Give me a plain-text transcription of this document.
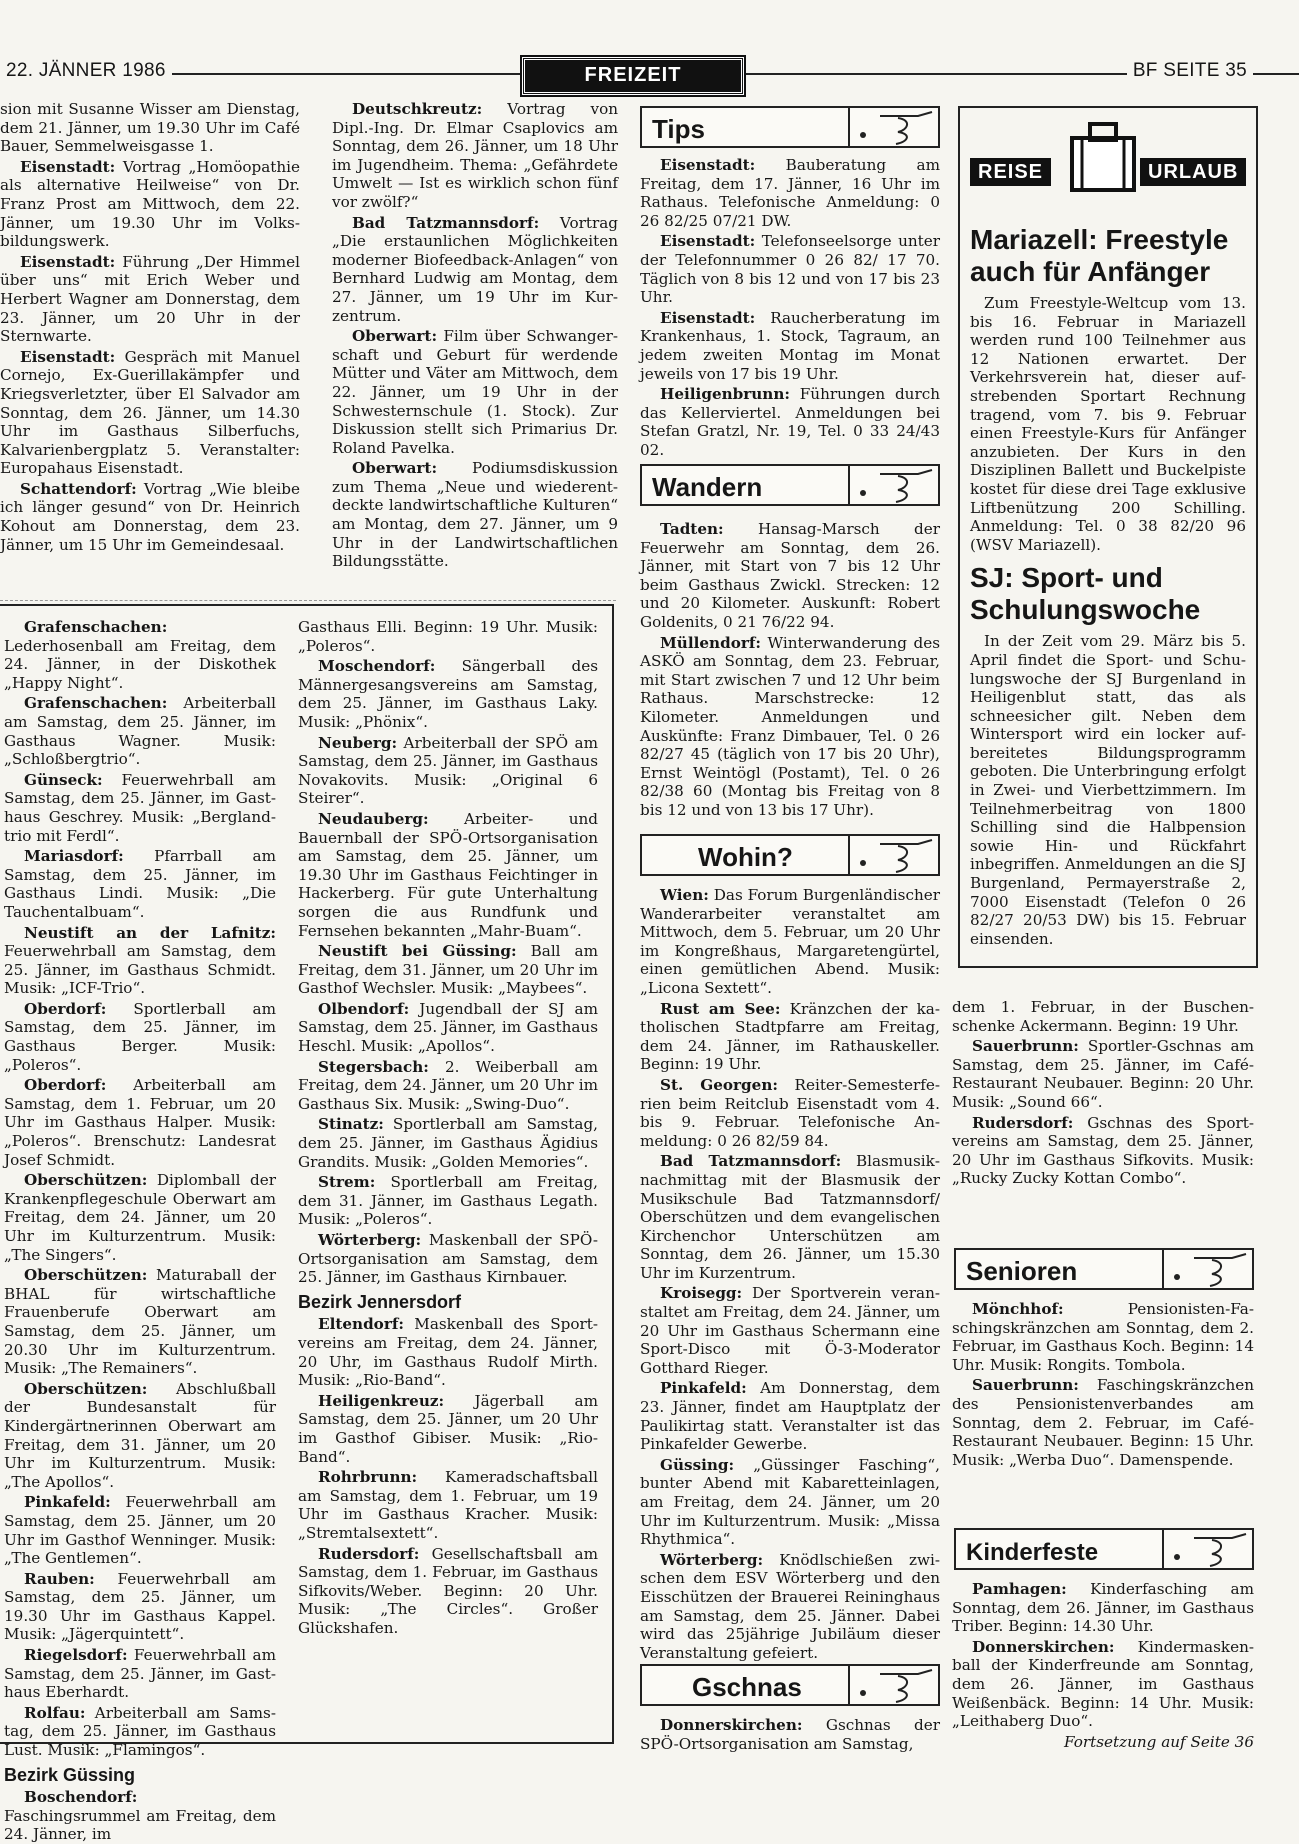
22. JÄNNER 1986	FREIZEIT	BF SEITE 35

sion mit Susanne Wisser am Dienstag, dem 21. Jänner, um 19.30 Uhr im Café Bauer, Semmelweisgasse 1.

Eisenstadt: Vortrag „Homöopathie als alternative Heilweise“ von Dr. Franz Prost am Mittwoch, dem 22. Jänner, um 19.30 Uhr im Volksbildungswerk.

Eisenstadt: Führung „Der Himmel über uns“ mit Erich Weber und Herbert Wagner am Donnerstag, dem 23. Jänner, um 20 Uhr in der Sternwarte.

Eisenstadt: Gespräch mit Manuel Cornejo, Ex-Guerillakämpfer und Kriegsverletzter, über El Salvador am Sonntag, dem 26. Jänner, um 14.30 Uhr im Gasthaus Silberfuchs, Kalvarienbergplatz 5. Veranstalter: Europahaus Eisenstadt.

Schattendorf: Vortrag „Wie bleibe ich länger gesund“ von Dr. Heinrich Kohout am Donnerstag, dem 23. Jänner, um 15 Uhr im Gemeindesaal.

Deutschkreutz: Vortrag von Dipl.-Ing. Dr. Elmar Csaplovics am Sonntag, dem 26. Jänner, um 18 Uhr im Jugendheim. Thema: „Gefährdete Umwelt — Ist es wirklich schon fünf vor zwölf?“

Bad Tatzmannsdorf: Vortrag „Die erstaunlichen Möglichkeiten moderner Biofeedback-Anlagen“ von Bernhard Ludwig am Montag, dem 27. Jänner, um 19 Uhr im Kurzentrum.

Oberwart: Film über Schwangerschaft und Geburt für werdende Mütter und Väter am Mittwoch, dem 22. Jänner, um 19 Uhr in der Schwesternschule (1. Stock). Zur Diskussion stellt sich Primarius Dr. Roland Pavelka.

Oberwart: Podiumsdiskussion zum Thema „Neue und wiederentdeckte landwirtschaftliche Kulturen“ am Montag, dem 27. Jänner, um 9 Uhr in der Landwirtschaftlichen Bildungsstätte.

Grafenschachen: Lederhosenball am Freitag, dem 24. Jänner, in der Diskothek „Happy Night“.

Grafenschachen: Arbeiterball am Samstag, dem 25. Jänner, im Gasthaus Wagner. Musik: „Schloßbergtrio“.

Günseck: Feuerwehrball am Samstag, dem 25. Jänner, im Gasthaus Geschrey. Musik: „Berglandtrio mit Ferdl“.

Mariasdorf: Pfarrball am Samstag, dem 25. Jänner, im Gasthaus Lindi. Musik: „Die Tauchentalbuam“.

Neustift an der Lafnitz: Feuerwehrball am Samstag, dem 25. Jänner, im Gasthaus Schmidt. Musik: „ICF-Trio“.

Oberdorf: Sportlerball am Samstag, dem 25. Jänner, im Gasthaus Berger. Musik: „Poleros“.

Oberdorf: Arbeiterball am Samstag, dem 1. Februar, um 20 Uhr im Gasthaus Halper. Musik: „Poleros“. Brenschutz: Landesrat Josef Schmidt.

Oberschützen: Diplomball der Krankenpflegeschule Oberwart am Freitag, dem 24. Jänner, um 20 Uhr im Kulturzentrum. Musik: „The Singers“.

Oberschützen: Maturaball der BHAL für wirtschaftliche Frauenberufe Oberwart am Samstag, dem 25. Jänner, um 20.30 Uhr im Kulturzentrum. Musik: „The Remainers“.

Oberschützen: Abschlußball der Bundesanstalt für Kindergärtnerinnen Oberwart am Freitag, dem 31. Jänner, um 20 Uhr im Kulturzentrum. Musik: „The Apollos“.

Pinkafeld: Feuerwehrball am Samstag, dem 25. Jänner, um 20 Uhr im Gasthof Wenninger. Musik: „The Gentlemen“.

Rauben: Feuerwehrball am Samstag, dem 25. Jänner, um 19.30 Uhr im Gasthaus Kappel. Musik: „Jägerquintett“.

Riegelsdorf: Feuerwehrball am Samstag, dem 25. Jänner, im Gasthaus Eberhardt.

Rolfau: Arbeiterball am Samstag, dem 25. Jänner, im Gasthaus Lust. Musik: „Flamingos“.

Bezirk Güssing

Boschendorf: Faschingsrummel am Freitag, dem 24. Jänner, im

Gasthaus Elli. Beginn: 19 Uhr. Musik: „Poleros“.

Moschendorf: Sängerball des Männergesangsvereins am Samstag, dem 25. Jänner, im Gasthaus Laky. Musik: „Phönix“.

Neuberg: Arbeiterball der SPÖ am Samstag, dem 25. Jänner, im Gasthaus Novakovits. Musik: „Original 6 Steirer“.

Neudauberg: Arbeiter- und Bauernball der SPÖ-Ortsorganisation am Samstag, dem 25. Jänner, um 19.30 Uhr im Gasthaus Feichtinger in Hackerberg. Für gute Unterhaltung sorgen die aus Rundfunk und Fernsehen bekannten „Mahr-Buam“.

Neustift bei Güssing: Ball am Freitag, dem 31. Jänner, um 20 Uhr im Gasthof Wechsler. Musik: „Maybees“.

Olbendorf: Jugendball der SJ am Samstag, dem 25. Jänner, im Gasthaus Heschl. Musik: „Apollos“.

Stegersbach: 2. Weiberball am Freitag, dem 24. Jänner, um 20 Uhr im Gasthaus Six. Musik: „Swing-Duo“.

Stinatz: Sportlerball am Samstag, dem 25. Jänner, im Gasthaus Ägidius Grandits. Musik: „Golden Memories“.

Strem: Sportlerball am Freitag, dem 31. Jänner, im Gasthaus Legath. Musik: „Poleros“.

Wörterberg: Maskenball der SPÖ-Ortsorganisation am Samstag, dem 25. Jänner, im Gasthaus Kirnbauer.

Bezirk Jennersdorf

Eltendorf: Maskenball des Sportvereins am Freitag, dem 24. Jänner, 20 Uhr, im Gasthaus Rudolf Mirth. Musik: „Rio-Band“.

Heiligenkreuz: Jägerball am Samstag, dem 25. Jänner, um 20 Uhr im Gasthof Gibiser. Musik: „Rio-Band“.

Rohrbrunn: Kameradschaftsball am Samstag, dem 1. Februar, um 19 Uhr im Gasthaus Kracher. Musik: „Stremtalsextett“.

Rudersdorf: Gesellschaftsball am Samstag, dem 1. Februar, im Gasthaus Sifkovits/Weber. Beginn: 20 Uhr. Musik: „The Circles“. Großer Glückshafen.

Tips

Eisenstadt: Bauberatung am Freitag, dem 17. Jänner, 16 Uhr im Rathaus. Telefonische Anmeldung: 0 26 82/25 07/21 DW.

Eisenstadt: Telefonseelsorge unter der Telefonnummer 0 26 82/ 17 70. Täglich von 8 bis 12 und von 17 bis 23 Uhr.

Eisenstadt: Raucherberatung im Krankenhaus, 1. Stock, Tagraum, an jedem zweiten Montag im Monat jeweils von 17 bis 19 Uhr.

Heiligenbrunn: Führungen durch das Kellerviertel. Anmeldungen bei Stefan Gratzl, Nr. 19, Tel. 0 33 24/43 02.

Wandern

Tadten: Hansag-Marsch der Feuerwehr am Sonntag, dem 26. Jänner, mit Start von 7 bis 12 Uhr beim Gasthaus Zwickl. Strecken: 12 und 20 Kilometer. Auskunft: Robert Goldenits, 0 21 76/22 94.

Müllendorf: Winterwanderung des ASKÖ am Sonntag, dem 23. Februar, mit Start zwischen 7 und 12 Uhr beim Rathaus. Marschstrecke: 12 Kilometer. Anmeldungen und Auskünfte: Franz Dimbauer, Tel. 0 26 82/27 45 (täglich von 17 bis 20 Uhr), Ernst Weintögl (Postamt), Tel. 0 26 82/38 60 (Montag bis Freitag von 8 bis 12 und von 13 bis 17 Uhr).

Wohin?

Wien: Das Forum Burgenländischer Wanderarbeiter veranstaltet am Mittwoch, dem 5. Februar, um 20 Uhr im Kongreßhaus, Margaretengürtel, einen gemütlichen Abend. Musik: „Licona Sextett“.

Rust am See: Kränzchen der katholischen Stadtpfarre am Freitag, dem 24. Jänner, im Rathauskeller. Beginn: 19 Uhr.

St. Georgen: Reiter-Semesterferien beim Reitclub Eisenstadt vom 4. bis 9. Februar. Telefonische Anmeldung: 0 26 82/59 84.

Bad Tatzmannsdorf: Blasmusiknachmittag mit der Blasmusik der Musikschule Bad Tatzmannsdorf/ Oberschützen und dem evangelischen Kirchenchor Unterschützen am Sonntag, dem 26. Jänner, um 15.30 Uhr im Kurzentrum.

Kroisegg: Der Sportverein veranstaltet am Freitag, dem 24. Jänner, um 20 Uhr im Gasthaus Schermann eine Sport-Disco mit Ö-3-Moderator Gotthard Rieger.

Pinkafeld: Am Donnerstag, dem 23. Jänner, findet am Hauptplatz der Paulikirtag statt. Veranstalter ist das Pinkafelder Gewerbe.

Güssing: „Güssinger Fasching“, bunter Abend mit Kabaretteinlagen, am Freitag, dem 24. Jänner, um 20 Uhr im Kulturzentrum. Musik: „Missa Rhythmica“.

Wörterberg: Knödlschießen zwischen dem ESV Wörterberg und den Eisschützen der Brauerei Reininghaus am Samstag, dem 25. Jänner. Dabei wird das 25jährige Jubiläum dieser Veranstaltung gefeiert.

Gschnas

Donnerskirchen: Gschnas der SPÖ-Ortsorganisation am Samstag,

REISE	URLAUB
Mariazell: Freestyle auch für Anfänger

Zum Freestyle-Weltcup vom 13. bis 16. Februar in Mariazell werden rund 100 Teilnehmer aus 12 Nationen erwartet. Der Verkehrsverein hat, dieser aufstrebenden Sportart Rechnung tragend, vom 7. bis 9. Februar einen Freestyle-Kurs für Anfänger anzubieten. Der Kurs in den Disziplinen Ballett und Buckelpiste kostet für diese drei Tage exklusive Liftbenützung 200 Schilling. Anmeldung: Tel. 0 38 82/20 96 (WSV Mariazell).

SJ: Sport- und Schulungswoche

In der Zeit vom 29. März bis 5. April findet die Sport- und Schulungswoche der SJ Burgenland in Heiligenblut statt, das als schneesicher gilt. Neben dem Wintersport wird ein locker aufbereitetes Bildungsprogramm geboten. Die Unterbringung erfolgt in Zwei- und Vierbettzimmern. Im Teilnehmerbeitrag von 1800 Schilling sind die Halbpension sowie Hin- und Rückfahrt inbegriffen. Anmeldungen an die SJ Burgenland, Permayerstraße 2, 7000 Eisenstadt (Telefon 0 26 82/27 20/53 DW) bis 15. Februar einsenden.

dem 1. Februar, in der Buschenschenke Ackermann. Beginn: 19 Uhr.

Sauerbrunn: Sportler-Gschnas am Samstag, dem 25. Jänner, im Café-Restaurant Neubauer. Beginn: 20 Uhr. Musik: „Sound 66“.

Rudersdorf: Gschnas des Sportvereins am Samstag, dem 25. Jänner, 20 Uhr im Gasthaus Sifkovits. Musik: „Rucky Zucky Kottan Combo“.

Senioren

Mönchhof: Pensionisten-Faschingskränzchen am Sonntag, dem 2. Februar, im Gasthaus Koch. Beginn: 14 Uhr. Musik: Rongits. Tombola.

Sauerbrunn: Faschingskränzchen des Pensionistenverbandes am Sonntag, dem 2. Februar, im Café-Restaurant Neubauer. Beginn: 15 Uhr. Musik: „Werba Duo“. Damenspende.

Kinderfeste

Pamhagen: Kinderfasching am Sonntag, dem 26. Jänner, im Gasthaus Triber. Beginn: 14.30 Uhr.

Donnerskirchen: Kindermaskenball der Kinderfreunde am Sonntag, dem 26. Jänner, im Gasthaus Weißenbäck. Beginn: 14 Uhr. Musik: „Leithaberg Duo“.

Fortsetzung auf Seite 36
